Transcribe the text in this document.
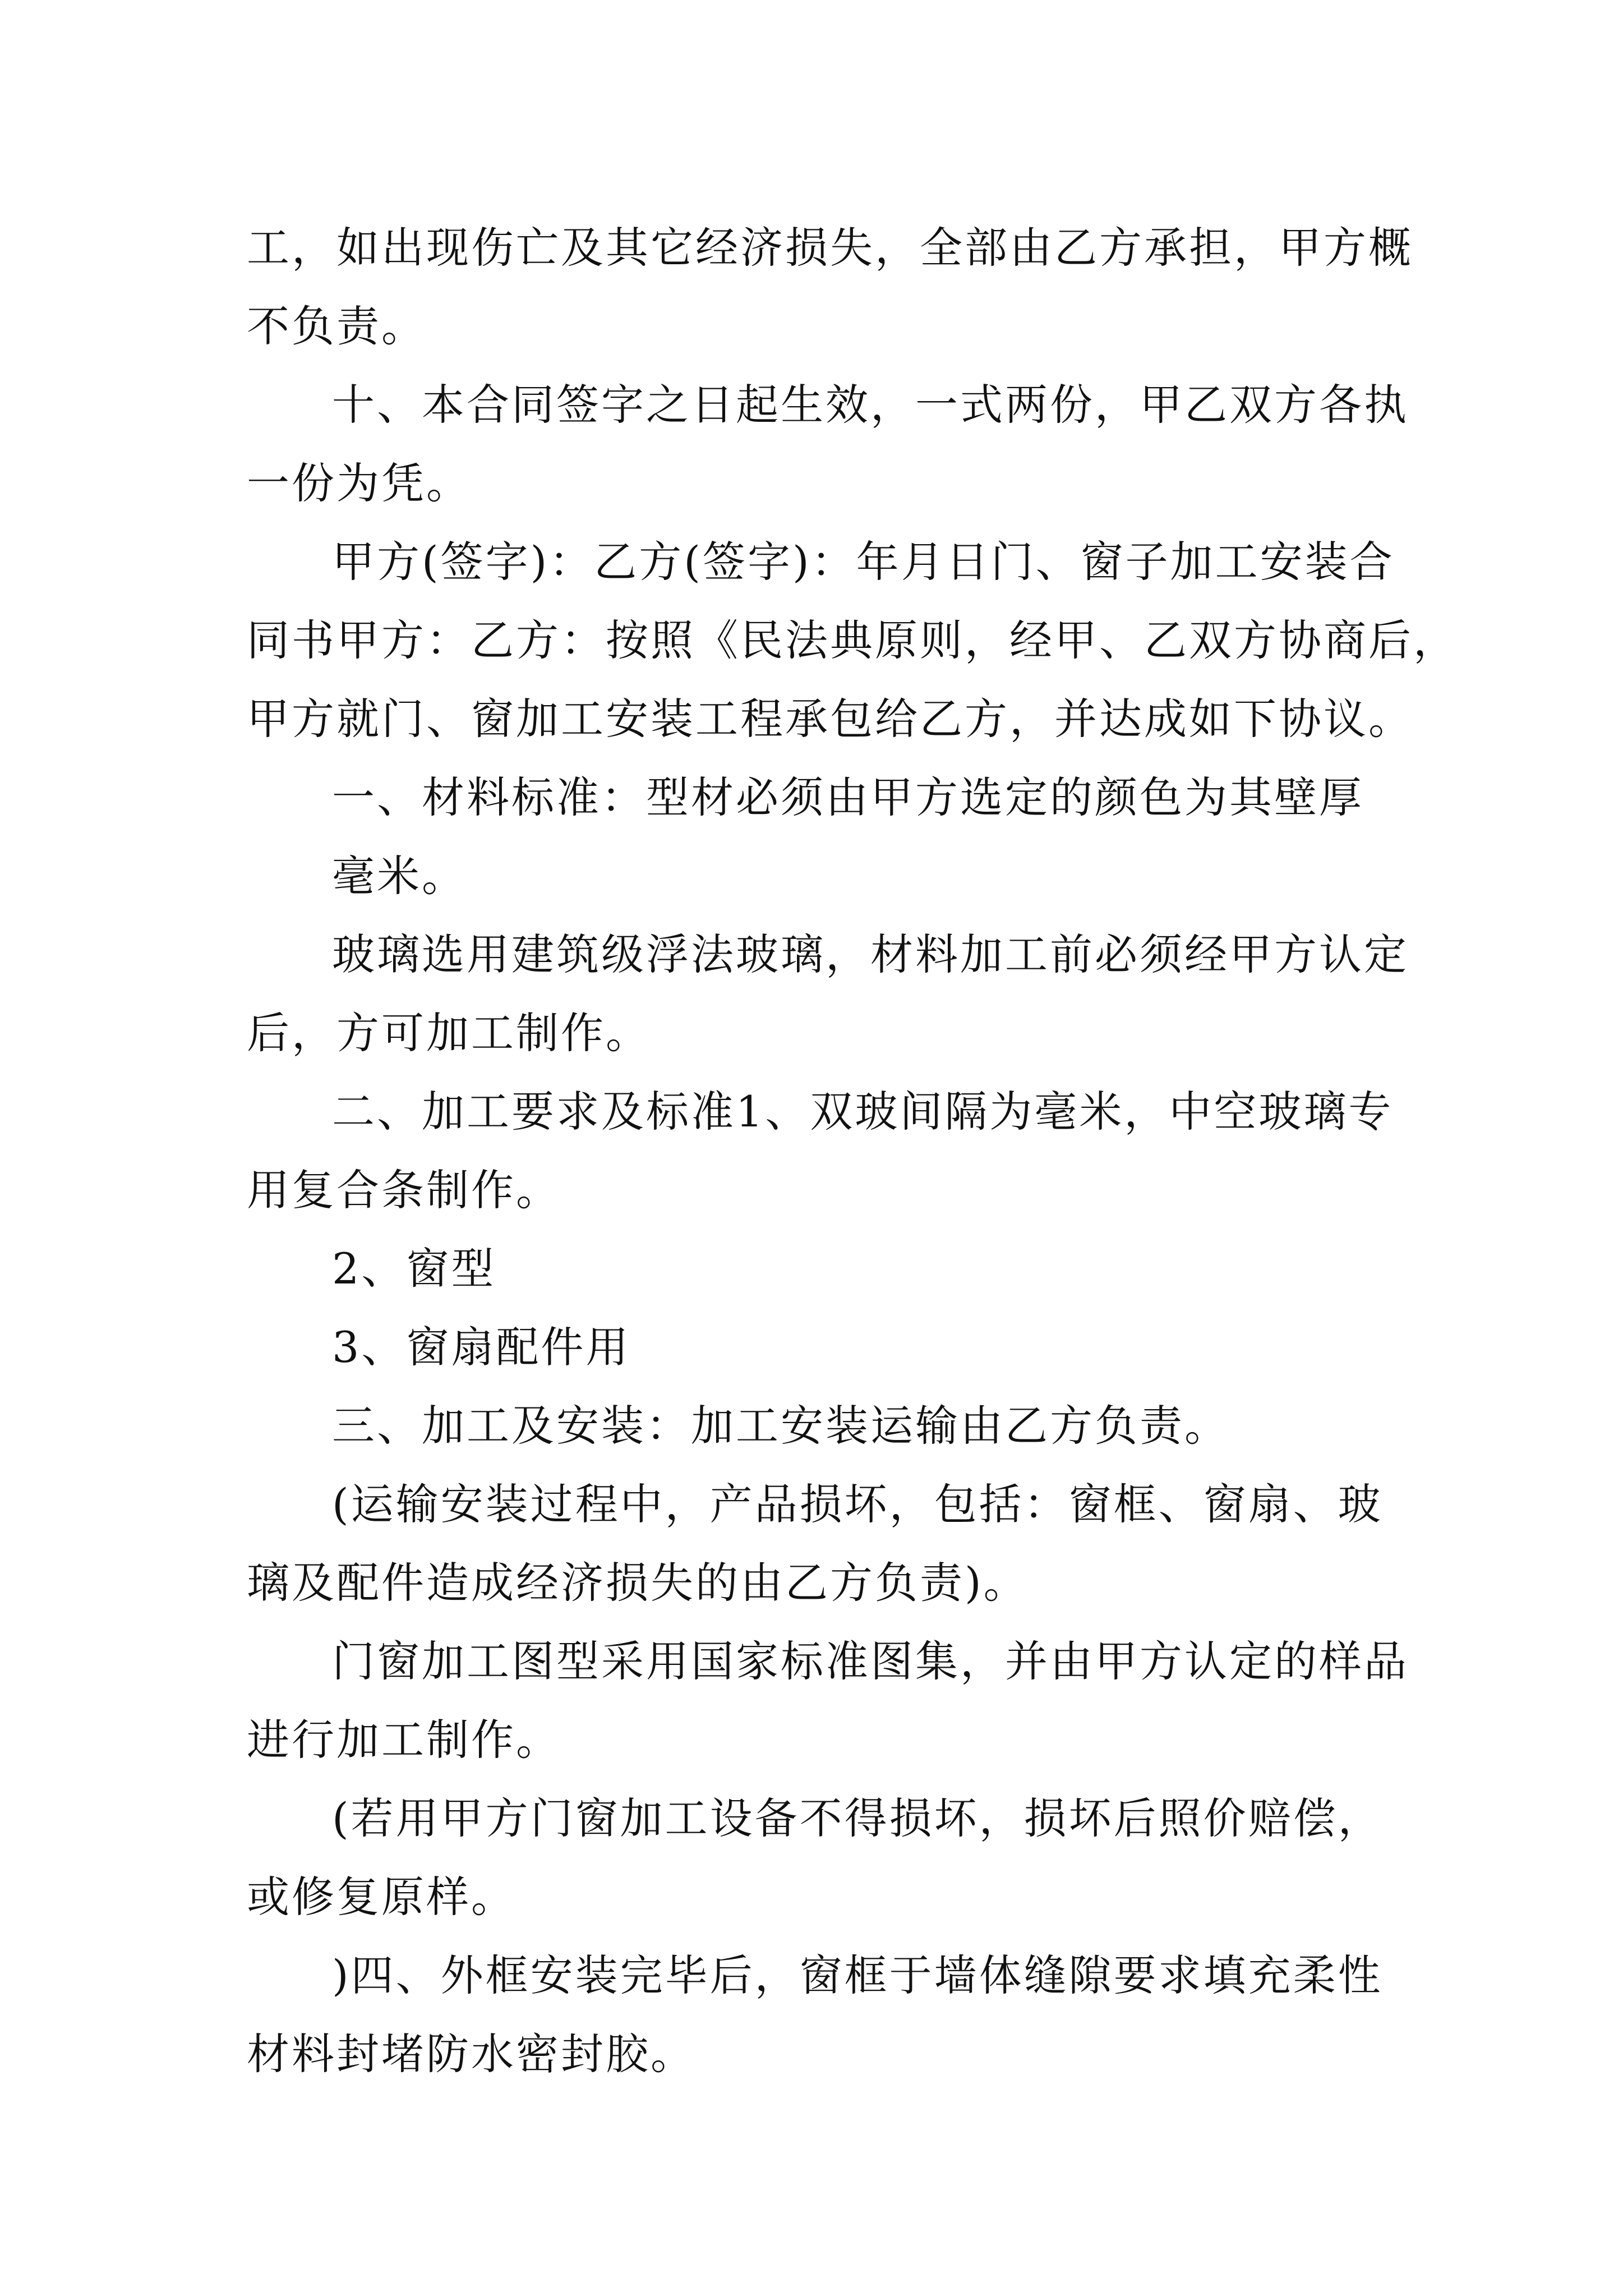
工，如出现伤亡及其它经济损失，全部由乙方承担，甲方概

不负责。

十、本合同签字之日起生效，一式两份，甲乙双方各执

一份为凭。

甲方(签字)：乙方(签字)：年月日门、窗子加工安装合

同书甲方：乙方：按照《民法典原则，经甲、乙双方协商后，

甲方就门、窗加工安装工程承包给乙方，并达成如下协议。

一、材料标准：型材必须由甲方选定的颜色为其壁厚

毫米。

玻璃选用建筑级浮法玻璃，材料加工前必须经甲方认定

后，方可加工制作。

二、加工要求及标准1、双玻间隔为毫米，中空玻璃专

用复合条制作。

2、窗型

3、窗扇配件用

三、加工及安装：加工安装运输由乙方负责。

(运输安装过程中，产品损坏，包括：窗框、窗扇、玻

璃及配件造成经济损失的由乙方负责)。

门窗加工图型采用国家标准图集，并由甲方认定的样品

进行加工制作。

(若用甲方门窗加工设备不得损坏，损坏后照价赔偿，

或修复原样。

)四、外框安装完毕后，窗框于墙体缝隙要求填充柔性

材料封堵防水密封胶。
